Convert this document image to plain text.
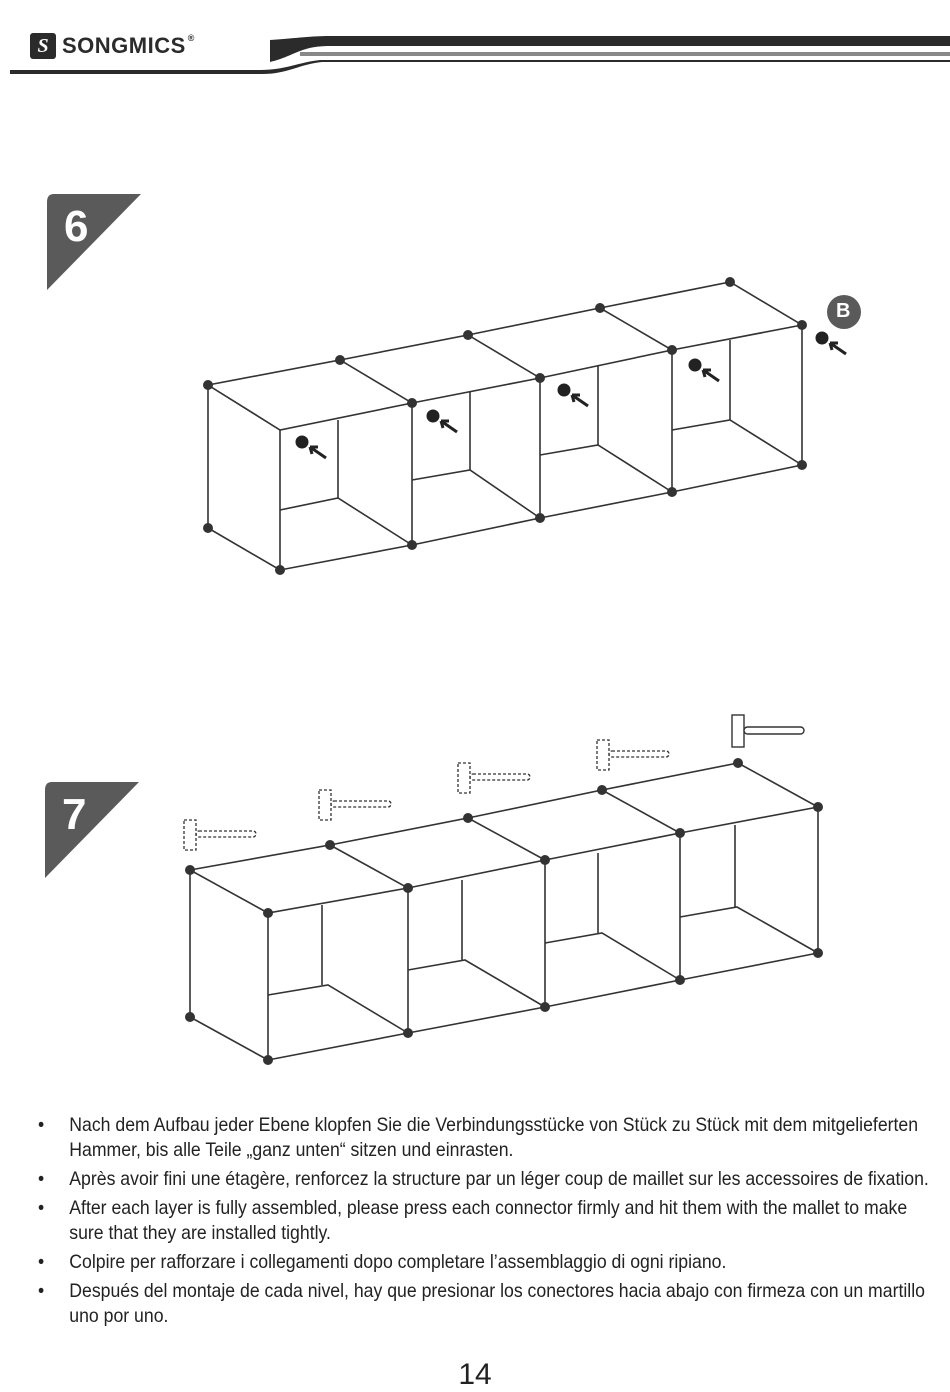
S SONGMICS ®
6
B
7
• Nach dem Aufbau jeder Ebene klopfen Sie die Verbindungsstücke von Stück zu Stück mit dem mitgelieferten Hammer, bis alle Teile „ganz unten“ sitzen und einrasten.
• Après avoir fini une étagère, renforcez la structure par un léger coup de maillet sur les accessoires de fixation.
• After each layer is fully assembled, please press each connector firmly and hit them with the mallet to make sure that they are installed tightly.
• Colpire per rafforzare i collegamenti dopo completare l’assemblaggio di ogni ripiano.
• Después del montaje de cada nivel, hay que presionar los conectores hacia abajo con firmeza con un martillo uno por uno.
14
